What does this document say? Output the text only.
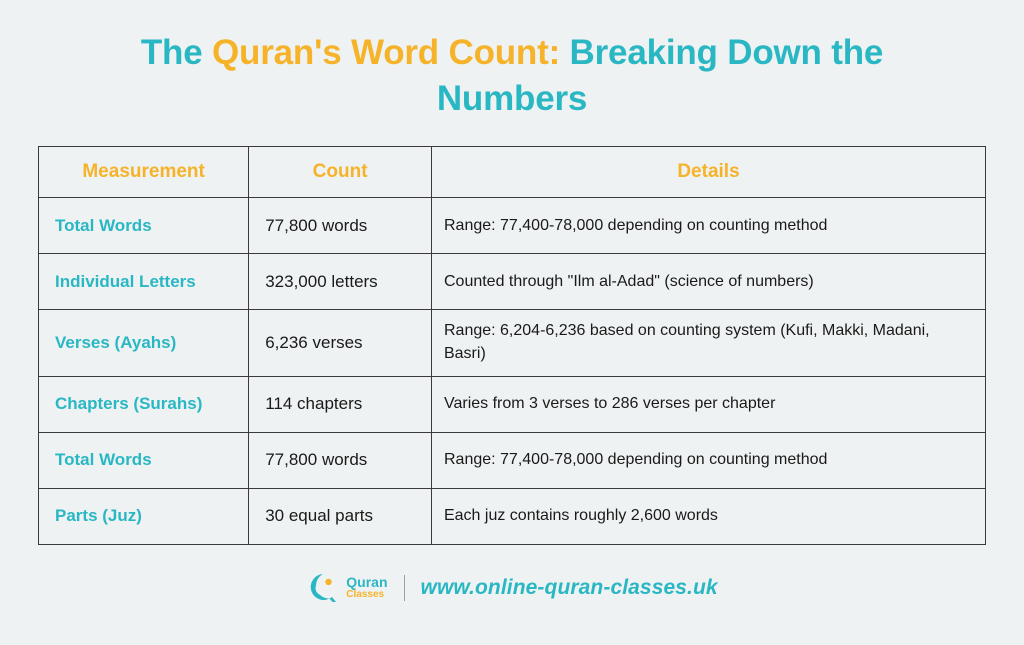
The Quran's Word Count: Breaking Down the Numbers
Measurement	Count	Details
Total Words	77,800 words	Range: 77,400-78,000 depending on counting method
Individual Letters	323,000 letters	Counted through "Ilm al-Adad" (science of numbers)
Verses (Ayahs)	6,236 verses	Range: 6,204-6,236 based on counting system (Kufi, Makki, Madani, Basri)
Chapters (Surahs)	114 chapters	Varies from 3 verses to 286 verses per chapter
Total Words	77,800 words	Range: 77,400-78,000 depending on counting method
Parts (Juz)	30 equal parts	Each juz contains roughly 2,600 words
Quran
Classes www.online-quran-classes.uk
